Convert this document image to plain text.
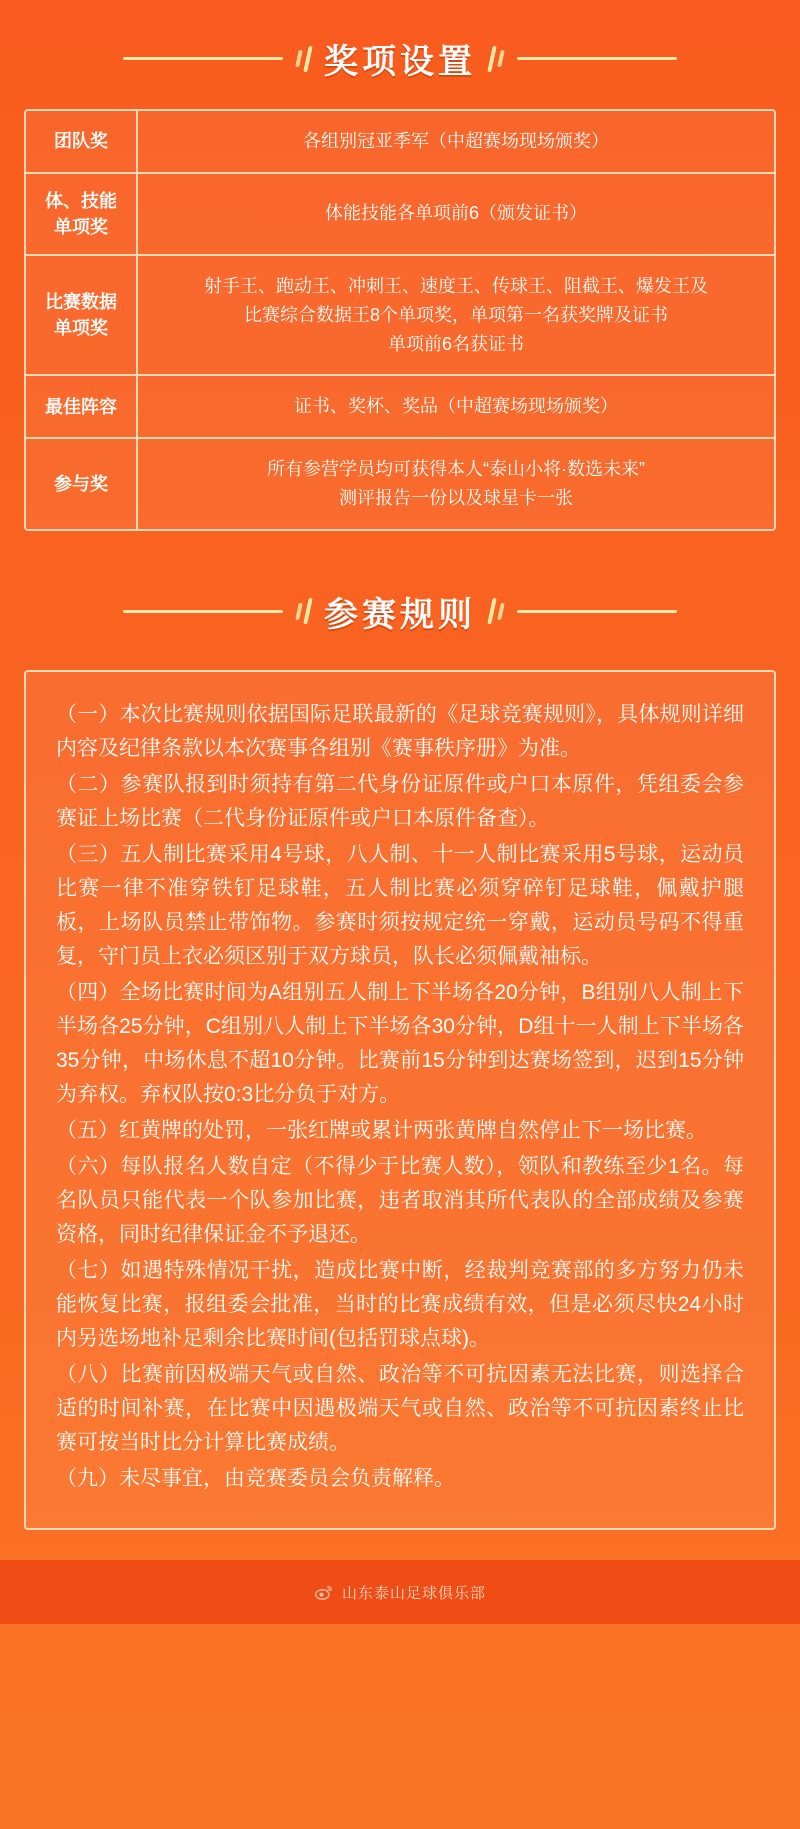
奖项设置
团队奖	各组别冠亚季军（中超赛场现场颁奖）
体、技能
单项奖
体能技能各单项前6（颁发证书）
比赛数据
单项奖
射手王、跑动王、冲刺王、速度王、传球王、阻截王、爆发王及
比赛综合数据王8个单项奖，单项第一名获奖牌及证书
单项前6名获证书
最佳阵容	证书、奖杯、奖品（中超赛场现场颁奖）
参与奖
所有参营学员均可获得本人“泰山小将·数选未来”
测评报告一份以及球星卡一张
参赛规则

（一）本次比赛规则依据国际足联最新的《足球竞赛规则》，具体规则详细内容及纪律条款以本次赛事各组别《赛事秩序册》为准。

（二）参赛队报到时须持有第二代身份证原件或户口本原件，凭组委会参赛证上场比赛（二代身份证原件或户口本原件备查）。

（三）五人制比赛采用4号球，八人制、十一人制比赛采用5号球，运动员比赛一律不准穿铁钉足球鞋，五人制比赛必须穿碎钉足球鞋，佩戴护腿板，上场队员禁止带饰物。参赛时须按规定统一穿戴，运动员号码不得重复，守门员上衣必须区别于双方球员，队长必须佩戴袖标。

（四）全场比赛时间为A组别五人制上下半场各20分钟，B组别八人制上下半场各25分钟，C组别八人制上下半场各30分钟，D组十一人制上下半场各35分钟，中场休息不超10分钟。比赛前15分钟到达赛场签到，迟到15分钟为弃权。弃权队按0:3比分负于对方。

（五）红黄牌的处罚，一张红牌或累计两张黄牌自然停止下一场比赛。

（六）每队报名人数自定（不得少于比赛人数），领队和教练至少1名。每名队员只能代表一个队参加比赛，违者取消其所代表队的全部成绩及参赛资格，同时纪律保证金不予退还。

（七）如遇特殊情况干扰，造成比赛中断，经裁判竞赛部的多方努力仍未能恢复比赛，报组委会批准，当时的比赛成绩有效，但是必须尽快24小时内另选场地补足剩余比赛时间(包括罚球点球)。

（八）比赛前因极端天气或自然、政治等不可抗因素无法比赛，则选择合适的时间补赛，在比赛中因遇极端天气或自然、政治等不可抗因素终止比赛可按当时比分计算比赛成绩。

（九）未尽事宜，由竞赛委员会负责解释。

山东泰山足球俱乐部
